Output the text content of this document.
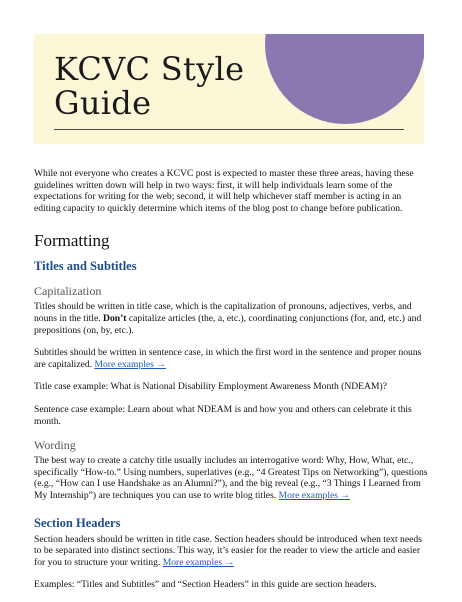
KCVC Style
Guide

While not everyone who creates a KCVC post is expected to master these three areas, having these guidelines written down will help in two ways: first, it will help individuals learn some of the expectations for writing for the web; second, it will help whichever staff member is acting in an editing capacity to quickly determine which items of the blog post to change before publication.

Formatting
Titles and Subtitles
Capitalization

Titles should be written in title case, which is the capitalization of pronouns, adjectives, verbs, and nouns in the title. Don’t capitalize articles (the, a, etc.), coordinating conjunctions (for, and, etc.) and prepositions (on, by, etc.).

Subtitles should be written in sentence case, in which the first word in the sentence and proper nouns are capitalized. More examples →

Title case example: What is National Disability Employment Awareness Month (NDEAM)?

Sentence case example: Learn about what NDEAM is and how you and others can celebrate it this month.

Wording

The best way to create a catchy title usually includes an interrogative word: Why, How, What, etc., specifically “How-to.” Using numbers, superlatives (e.g., “4 Greatest Tips on Networking”), questions (e.g., “How can I use Handshake as an Alumni?”), and the big reveal (e.g., “3 Things I Learned from My Internship”) are techniques you can use to write blog titles. More examples →

Section Headers

Section headers should be written in title case. Section headers should be introduced when text needs to be separated into distinct sections. This way, it’s easier for the reader to view the article and easier for you to structure your writing. More examples →

Examples: “Titles and Subtitles” and “Section Headers” in this guide are section headers.
